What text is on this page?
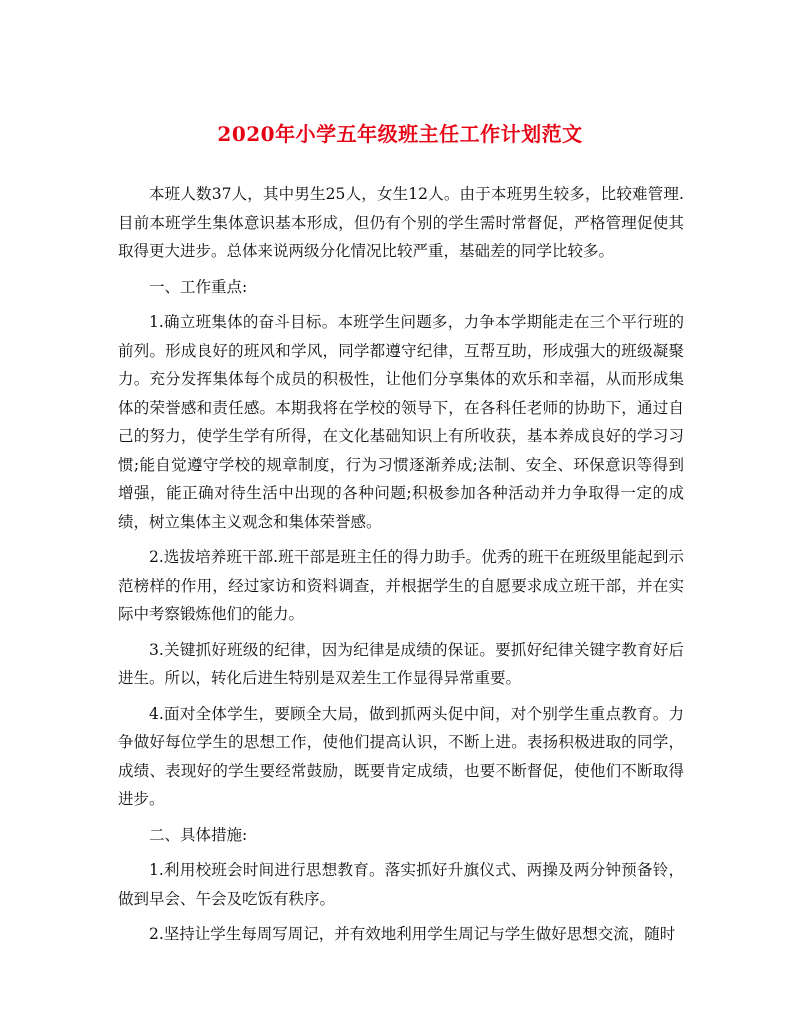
2020年小学五年级班主任工作计划范文

本班人数37人，其中男生25人，女生12人。由于本班男生较多，比较难管理.目前本班学生集体意识基本形成，但仍有个别的学生需时常督促，严格管理促使其取得更大进步。总体来说两级分化情况比较严重，基础差的同学比较多。

一、工作重点:

1.确立班集体的奋斗目标。本班学生问题多，力争本学期能走在三个平行班的前列。形成良好的班风和学风，同学都遵守纪律，互帮互助，形成强大的班级凝聚力。充分发挥集体每个成员的积极性，让他们分享集体的欢乐和幸福，从而形成集体的荣誉感和责任感。本期我将在学校的领导下，在各科任老师的协助下，通过自己的努力，使学生学有所得，在文化基础知识上有所收获，基本养成良好的学习习惯;能自觉遵守学校的规章制度，行为习惯逐渐养成;法制、安全、环保意识等得到增强，能正确对待生活中出现的各种问题;积极参加各种活动并力争取得一定的成绩，树立集体主义观念和集体荣誉感。

2.选拔培养班干部.班干部是班主任的得力助手。优秀的班干在班级里能起到示范榜样的作用，经过家访和资料调查，并根据学生的自愿要求成立班干部，并在实际中考察锻炼他们的能力。

3.关键抓好班级的纪律，因为纪律是成绩的保证。要抓好纪律关键字教育好后进生。所以，转化后进生特别是双差生工作显得异常重要。

4.面对全体学生，要顾全大局，做到抓两头促中间，对个别学生重点教育。力争做好每位学生的思想工作，使他们提高认识，不断上进。表扬积极进取的同学，成绩、表现好的学生要经常鼓励，既要肯定成绩，也要不断督促，使他们不断取得进步。

二、具体措施:

1.利用校班会时间进行思想教育。落实抓好升旗仪式、两操及两分钟预备铃，做到早会、午会及吃饭有秩序。

2.坚持让学生每周写周记，并有效地利用学生周记与学生做好思想交流，随时
